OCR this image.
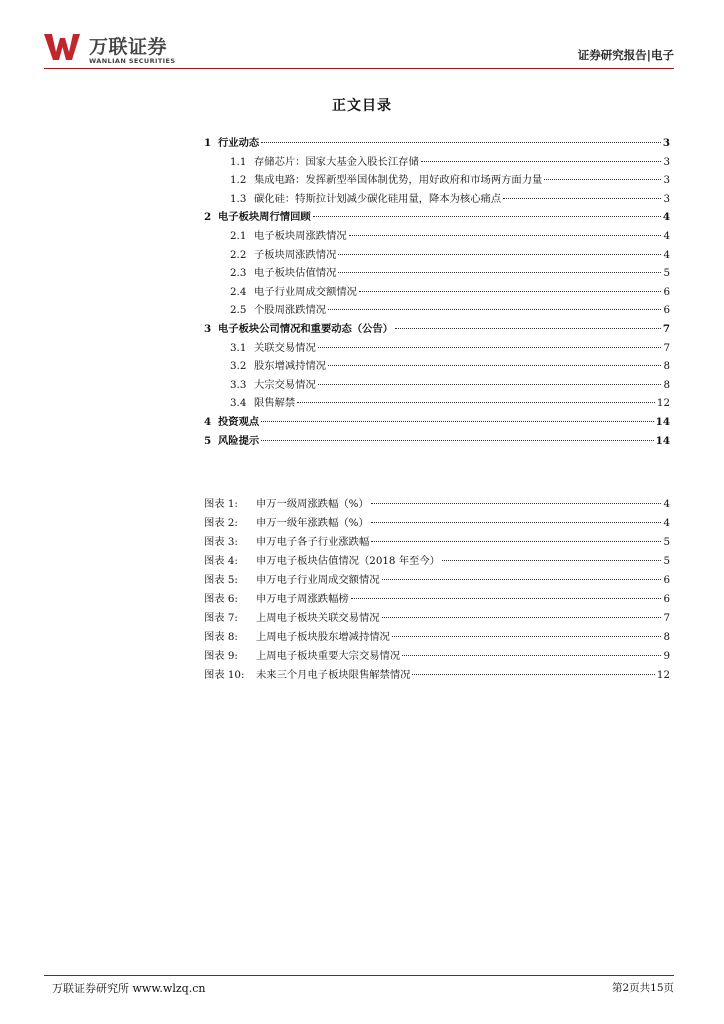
万联证券
WANLIAN SECURITIES	证券研究报告|电子
正文目录
1 行业动态	3
1.1 存储芯片：国家大基金入股长江存储	3
1.2 集成电路：发挥新型举国体制优势，用好政府和市场两方面力量	3
1.3 碳化硅：特斯拉计划减少碳化硅用量，降本为核心痛点	3
2 电子板块周行情回顾	4
2.1 电子板块周涨跌情况	4
2.2 子板块周涨跌情况	4
2.3 电子板块估值情况	5
2.4 电子行业周成交额情况	6
2.5 个股周涨跌情况	6
3 电子板块公司情况和重要动态（公告）	7
3.1 关联交易情况	7
3.2 股东增减持情况	8
3.3 大宗交易情况	8
3.4 限售解禁	12
4 投资观点	14
5 风险提示	14
图表 1:	申万一级周涨跌幅（%）	4
图表 2:	申万一级年涨跌幅（%）	4
图表 3:	申万电子各子行业涨跌幅	5
图表 4:	申万电子板块估值情况（2018 年至今）	5
图表 5:	申万电子行业周成交额情况	6
图表 6:	申万电子周涨跌幅榜	6
图表 7:	上周电子板块关联交易情况	7
图表 8:	上周电子板块股东增减持情况	8
图表 9:	上周电子板块重要大宗交易情况	9
图表 10:	未来三个月电子板块限售解禁情况	12
万联证券研究所 www.wlzq.cn	第2页共15页
